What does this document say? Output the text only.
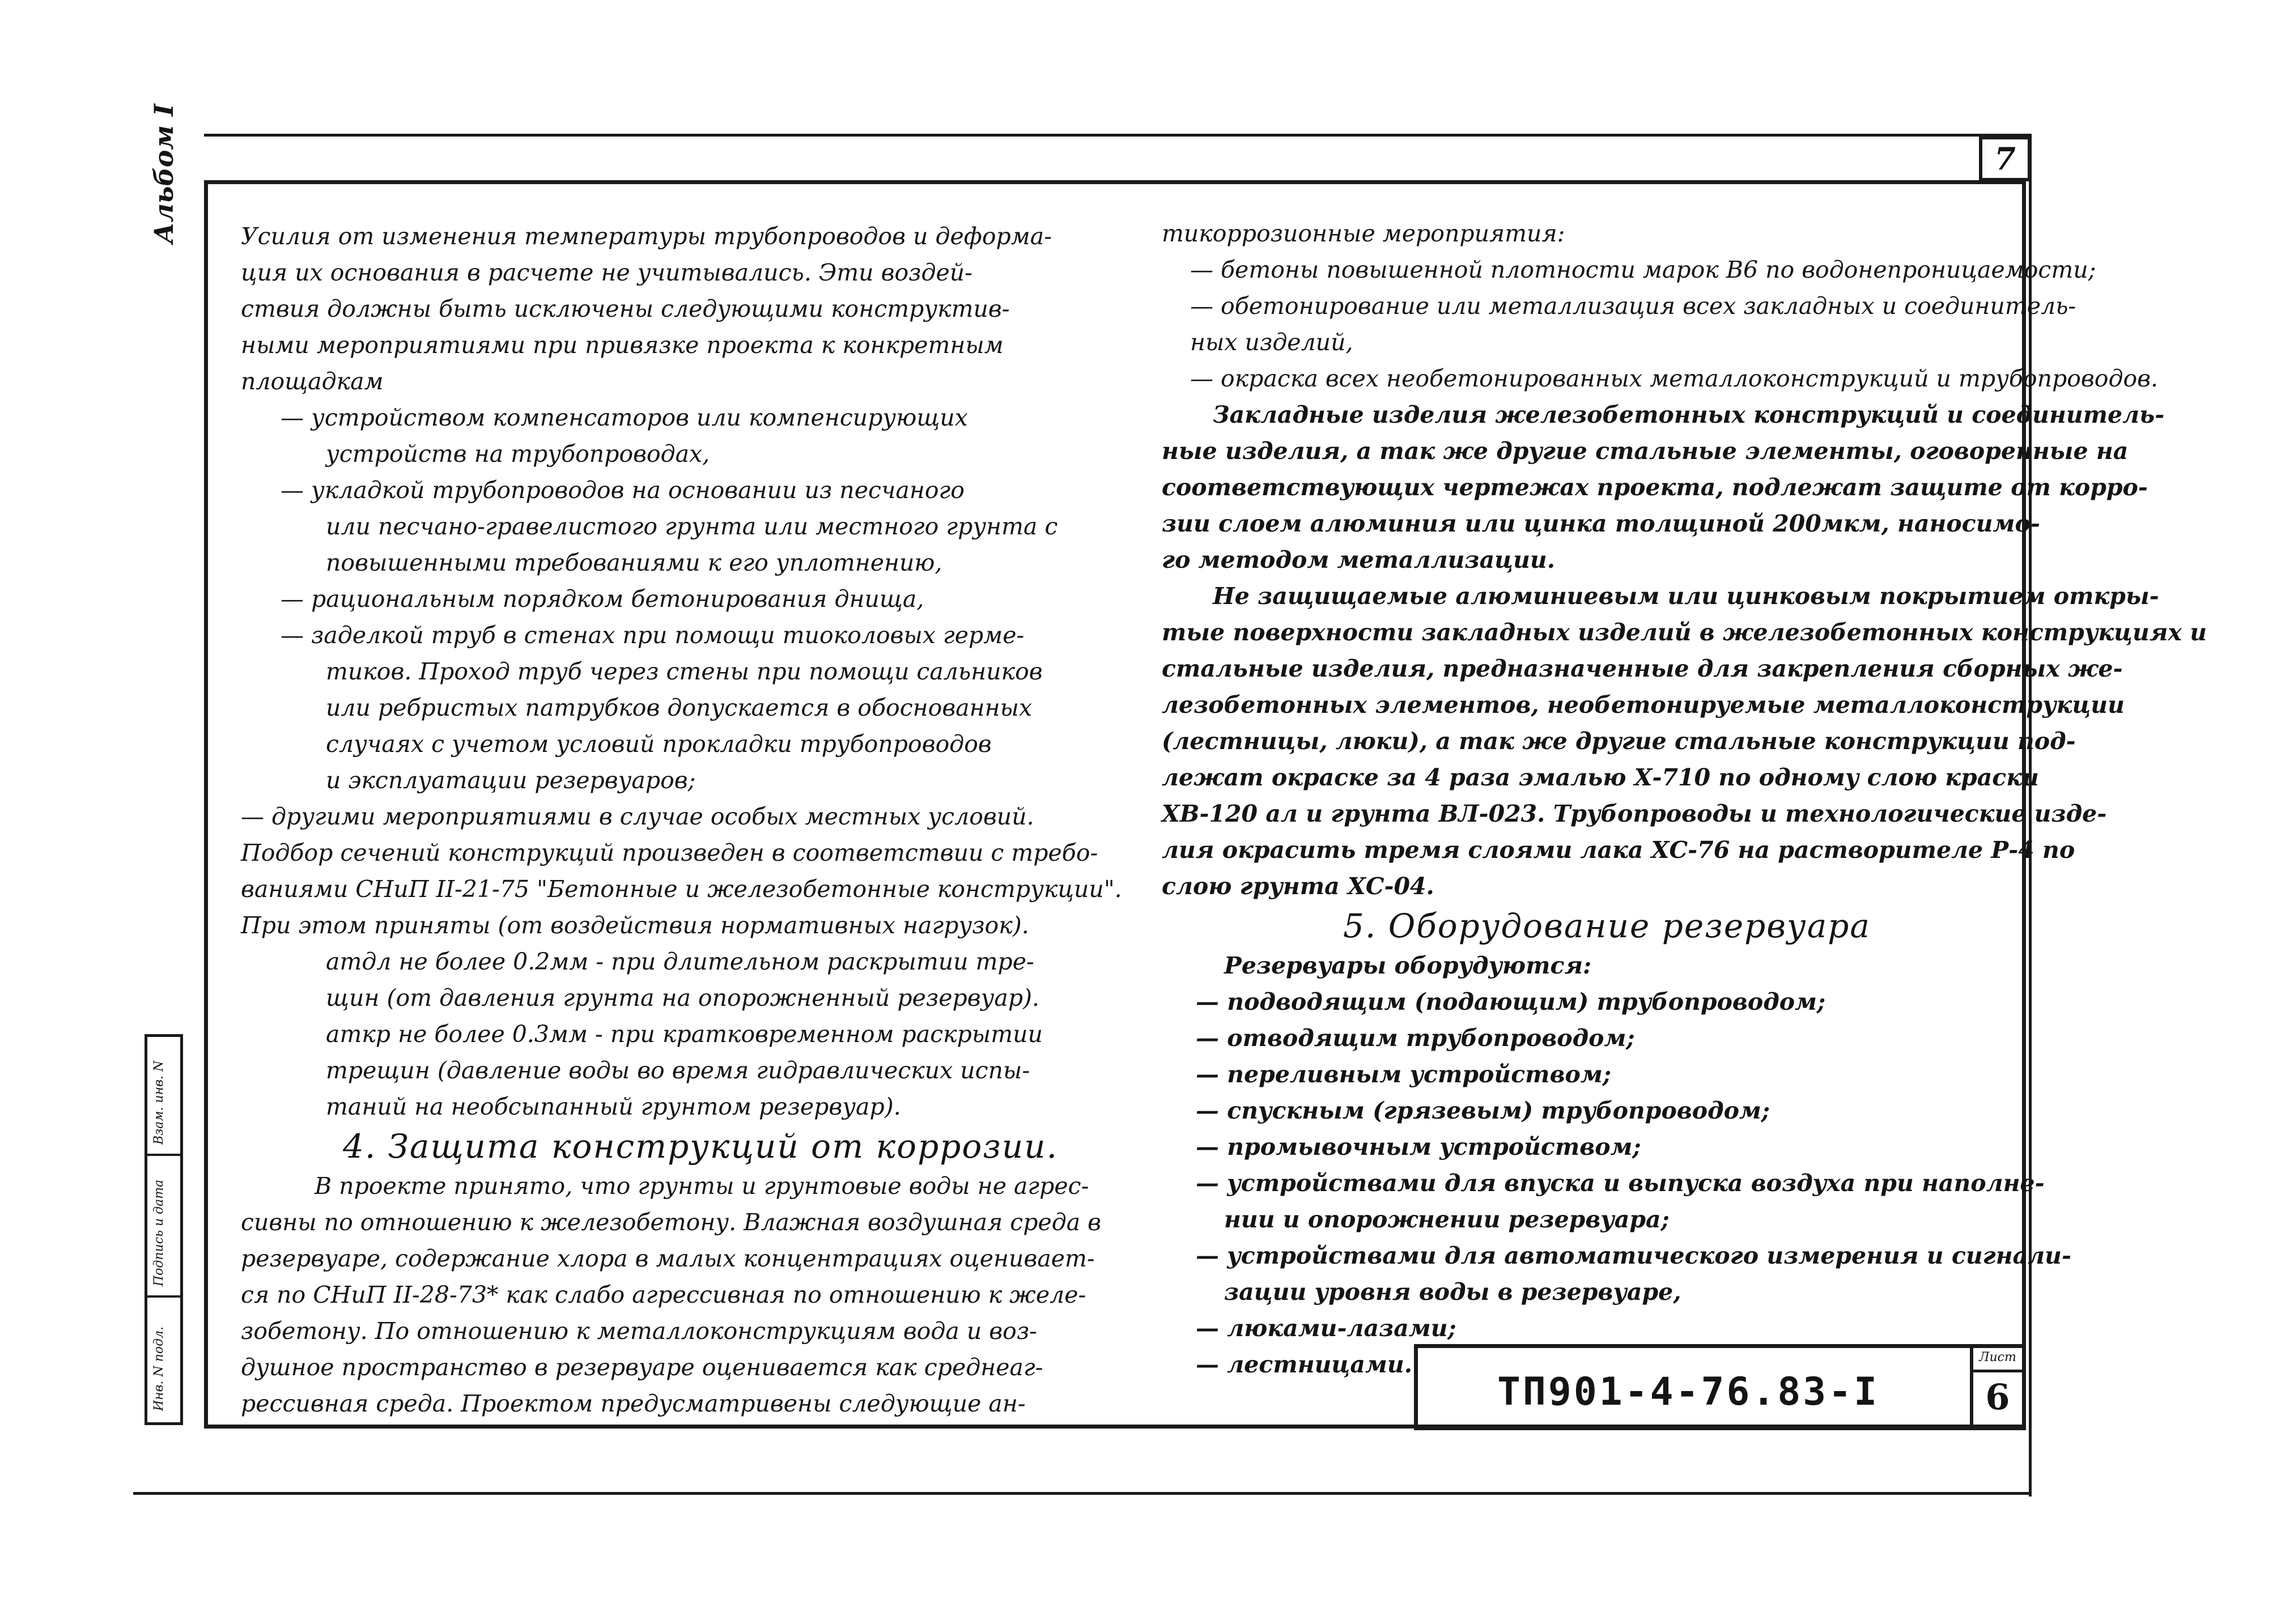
7
Альбом I
Взам. инв. N
Подпись и дата
Инв. N подл.
Усилия от изменения температуры трубопроводов и деформа-
ция их основания в расчете не учитывались. Эти воздей-
ствия должны быть исключены следующими конструктив-
ными мероприятиями при привязке проекта к конкретным
площадкам
— устройством компенсаторов или компенсирующих
устройств на трубопроводах,
— укладкой трубопроводов на основании из песчаного
или песчано-гравелистого грунта или местного грунта с
повышенными требованиями к его уплотнению,
— рациональным порядком бетонирования днища,
— заделкой труб в стенах при помощи тиоколовых герме-
тиков. Проход труб через стены при помощи сальников
или ребристых патрубков допускается в обоснованных
случаях с учетом условий прокладки трубопроводов
и эксплуатации резервуаров;
— другими мероприятиями в случае особых местных условий.
Подбор сечений конструкций произведен в соответствии с требо-
ваниями СНиП II-21-75 "Бетонные и железобетонные конструкции".
При этом приняты (от воздействия нормативных нагрузок).
aтдл не более 0.2мм - при длительном раскрытии тре-
щин (от давления грунта на опорожненный резервуар).
aткр не более 0.3мм - при кратковременном раскрытии
трещин (давление воды во время гидравлических испы-
таний на необсыпанный грунтом резервуар).
4. Защита конструкций от коррозии.
В проекте принято, что грунты и грунтовые воды не агрес-
сивны по отношению к железобетону. Влажная воздушная среда в
резервуаре, содержание хлора в малых концентрациях оценивает-
ся по СНиП II-28-73* как слабо агрессивная по отношению к желе-
зобетону. По отношению к металлоконструкциям вода и воз-
душное пространство в резервуаре оценивается как среднеаг-
рессивная среда. Проектом предусматривены следующие ан-
тикоррозионные мероприятия:
— бетоны повышенной плотности марок В6 по водонепроницаемости;
— обетонирование или металлизация всех закладных и соединитель-
ных изделий,
— окраска всех необетонированных металлоконструкций и трубопроводов.
Закладные изделия железобетонных конструкций и соединитель-
ные изделия, а так же другие стальные элементы, оговоренные на
соответствующих чертежах проекта, подлежат защите от корро-
зии слоем алюминия или цинка толщиной 200мкм, наносимо-
го методом металлизации.
Не защищаемые алюминиевым или цинковым покрытием откры-
тые поверхности закладных изделий в железобетонных конструкциях и
стальные изделия, предназначенные для закрепления сборных же-
лезобетонных элементов, необетонируемые металлоконструкции
(лестницы, люки), а так же другие стальные конструкции под-
лежат окраске за 4 раза эмалью Х-710 по одному слою краски
ХВ-120 ал и грунта ВЛ-023. Трубопроводы и технологические изде-
лия окрасить тремя слоями лака ХС-76 на растворителе Р-4 по
слою грунта ХС-04.
5. Оборудование резервуара
Резервуары оборудуются:
— подводящим (подающим) трубопроводом;
— отводящим трубопроводом;
— переливным устройством;
— спускным (грязевым) трубопроводом;
— промывочным устройством;
— устройствами для впуска и выпуска воздуха при наполне-
нии и опорожнении резервуара;
— устройствами для автоматического измерения и сигнали-
зации уровня воды в резервуаре,
— люками-лазами;
— лестницами.
ТП901-4-76.83-I
Лист
6
